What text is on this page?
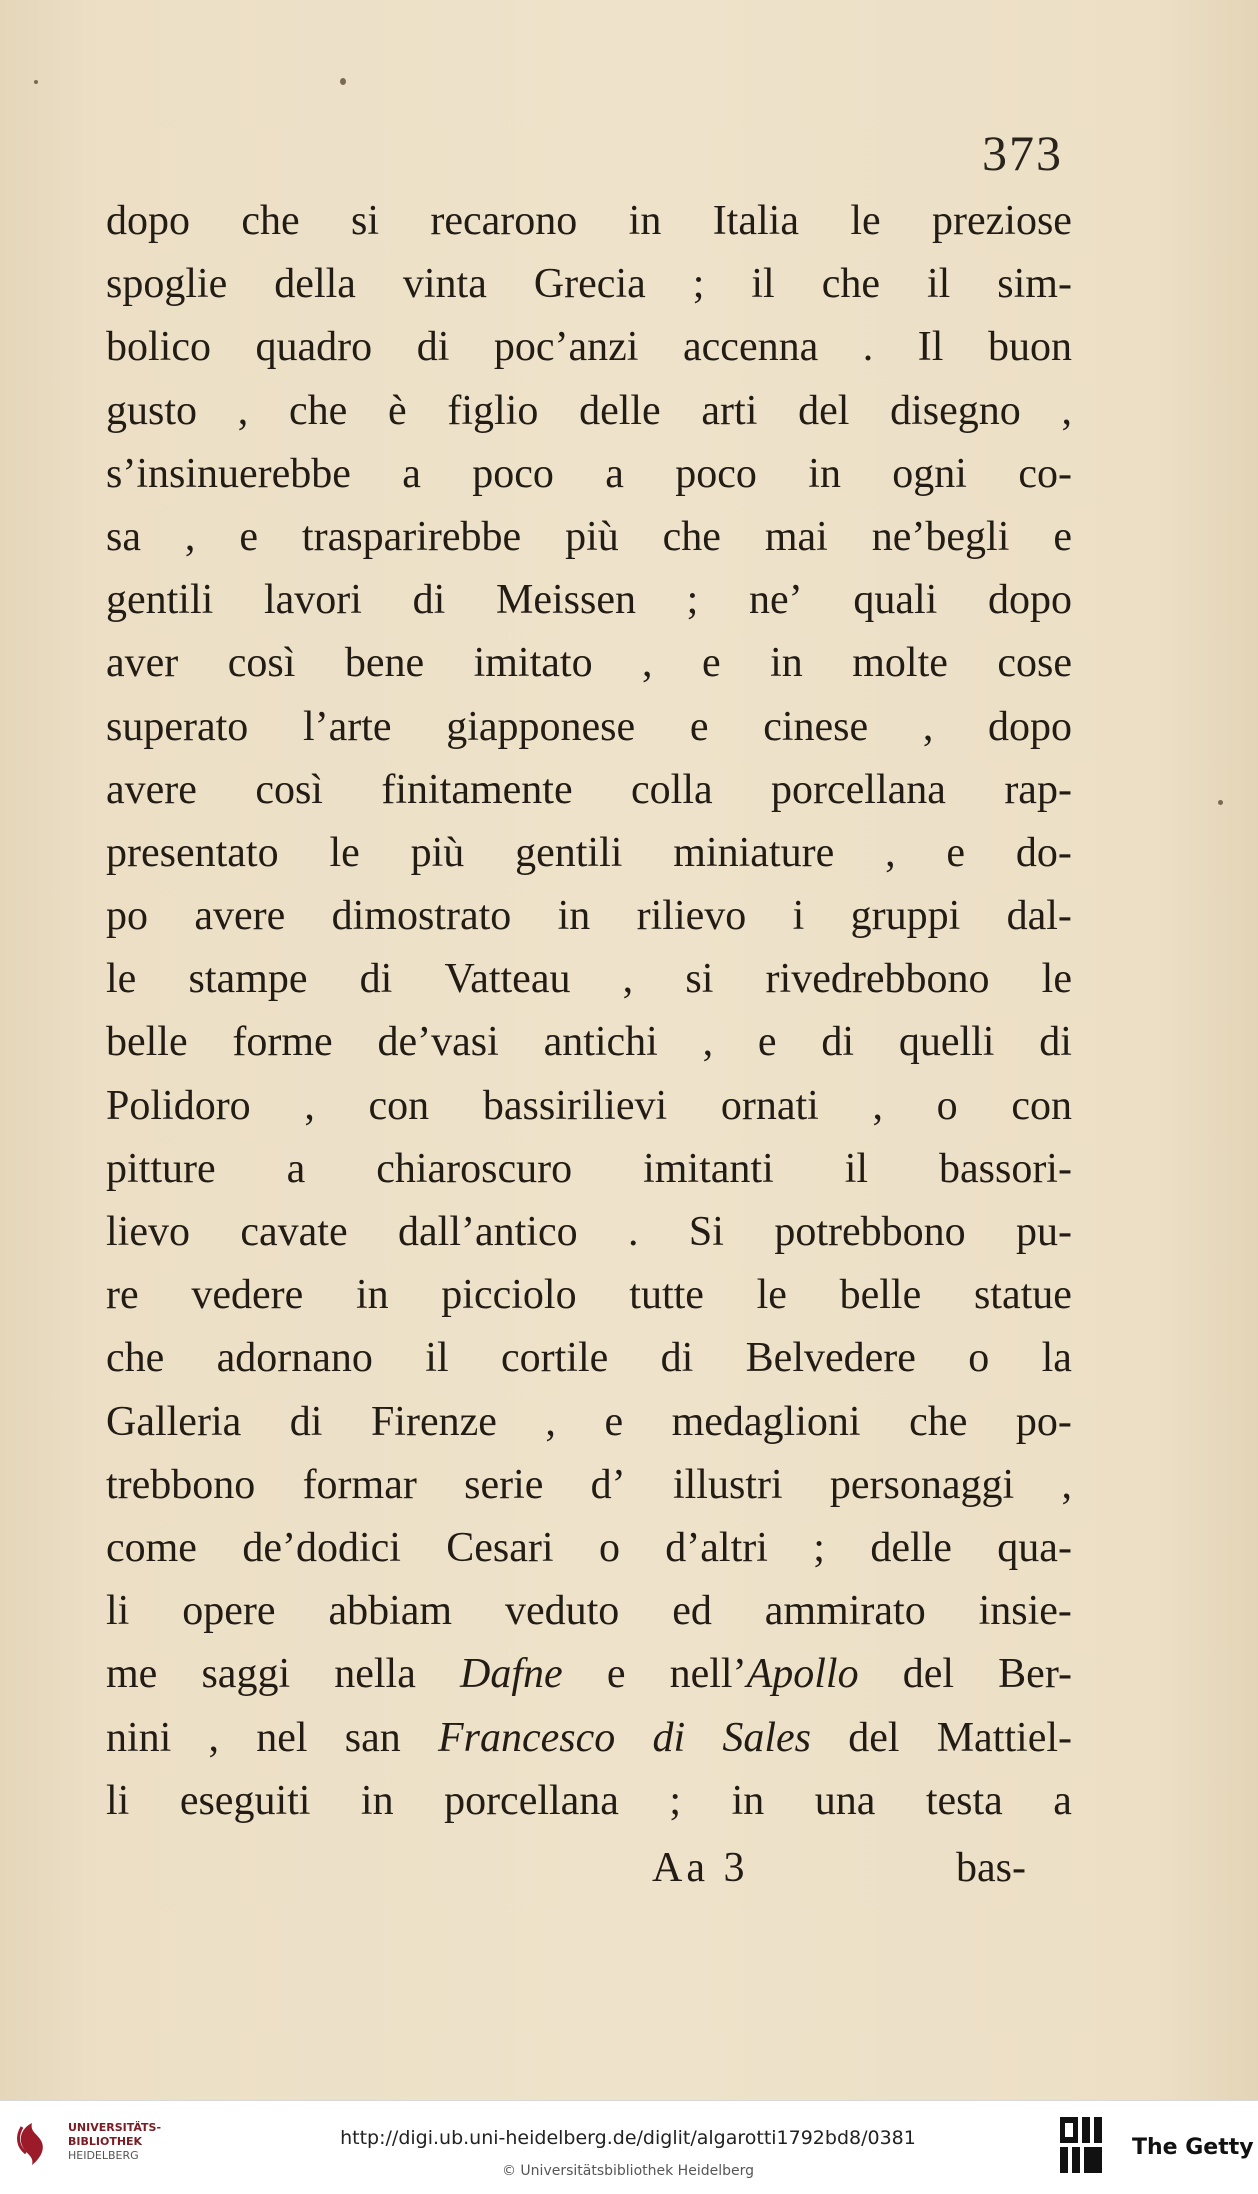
373
dopo che si recarono in Italia le preziose
spoglie della vinta Grecia ; il che il sim-
bolico quadro di poc’anzi accenna . Il buon
gusto , che è figlio delle arti del disegno ,
s’insinuerebbe a poco a poco in ogni co-
sa , e trasparirebbe più che mai ne’begli e
gentili lavori di Meissen ; ne’ quali dopo
aver così bene imitato , e in molte cose
superato l’arte giapponese e cinese , dopo
avere così finitamente colla porcellana rap-
presentato le più gentili miniature , e do-
po avere dimostrato in rilievo i gruppi dal-
le stampe di Vatteau , si rivedrebbono le
belle forme de’vasi antichi , e di quelli di
Polidoro , con bassirilievi ornati , o con
pitture a chiaroscuro imitanti il bassori-
lievo cavate dall’antico . Si potrebbono pu-
re vedere in picciolo tutte le belle statue
che adornano il cortile di Belvedere o la
Galleria di Firenze , e medaglioni che po-
trebbono formar serie d’ illustri personaggi ,
come de’dodici Cesari o d’altri ; delle qua-
li opere abbiam veduto ed ammirato insie-
me saggi nella Dafne e nell’Apollo del Ber-
nini , nel san Francesco di Sales del Mattiel-
li eseguiti in porcellana ; in una testa a
Aa 3	bas-
UNIVERSITÄTS-
BIBLIOTHEK
HEIDELBERG
http://digi.ub.uni-heidelberg.de/diglit/algarotti1792bd8/0381
© Universitätsbibliothek Heidelberg
The Getty
